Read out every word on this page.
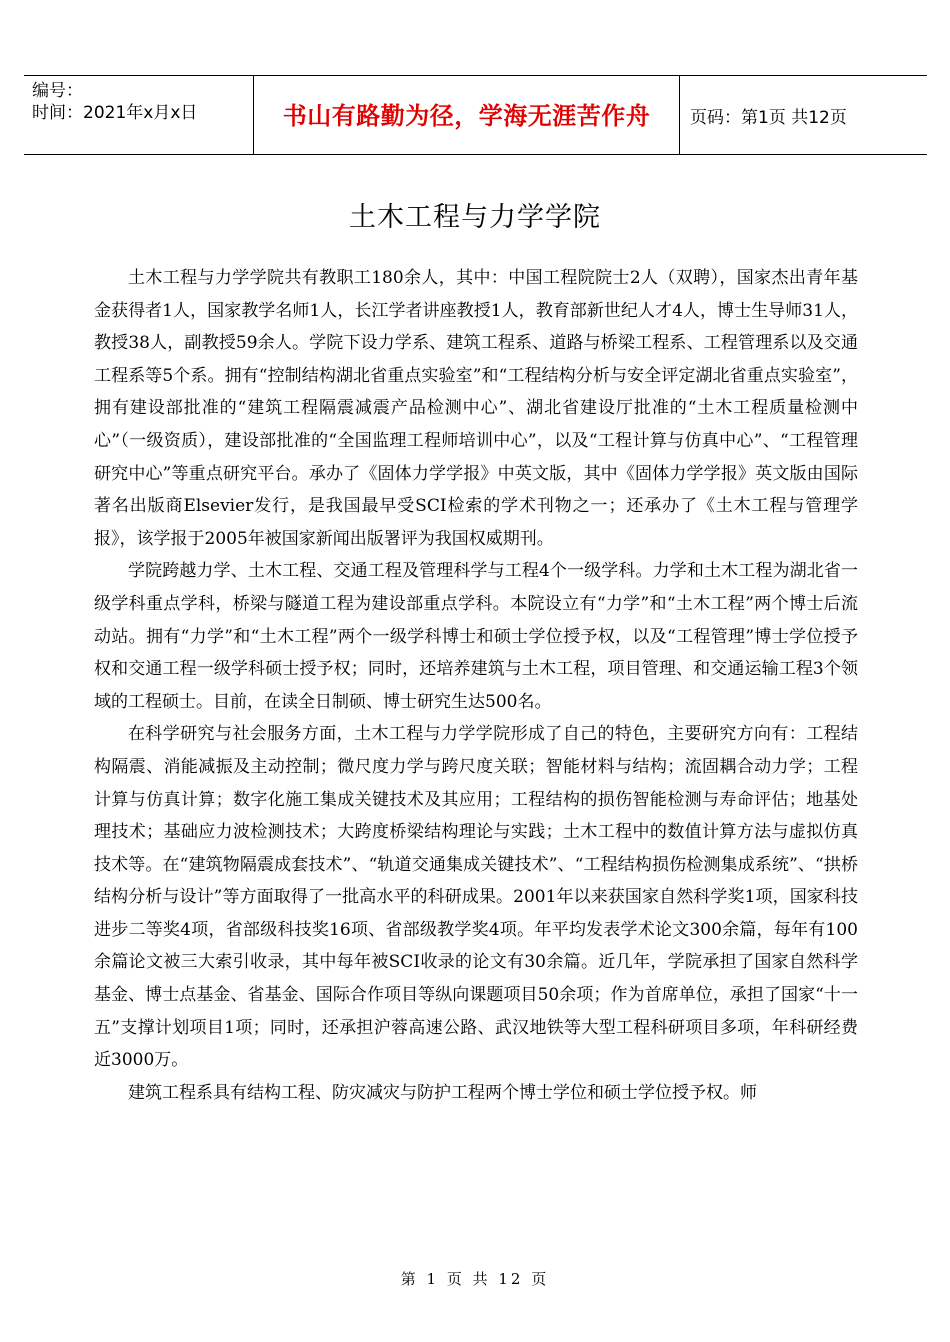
编号：
时间：2021年x月x日	书山有路勤为径，学海无涯苦作舟 页码：第1页 共12页
土木工程与力学学院

土木工程与力学学院共有教职工180余人，其中：中国工程院院士2人（双聘），国家杰出青年基金获得者1人，国家教学名师1人，长江学者讲座教授1人，教育部新世纪人才4人，博士生导师31人，教授38人，副教授59余人。学院下设力学系、建筑工程系、道路与桥梁工程系、工程管理系以及交通工程系等5个系。拥有“控制结构湖北省重点实验室”和“工程结构分析与安全评定湖北省重点实验室”，拥有建设部批准的“建筑工程隔震减震产品检测中心”、湖北省建设厅批准的“土木工程质量检测中心”（一级资质），建设部批准的“全国监理工程师培训中心”，以及“工程计算与仿真中心”、“工程管理研究中心”等重点研究平台。承办了《固体力学学报》中英文版，其中《固体力学学报》英文版由国际著名出版商Elsevier发行，是我国最早受SCI检索的学术刊物之一；还承办了《土木工程与管理学报》，该学报于2005年被国家新闻出版署评为我国权威期刊。

学院跨越力学、土木工程、交通工程及管理科学与工程4个一级学科。力学和土木工程为湖北省一级学科重点学科，桥梁与隧道工程为建设部重点学科。本院设立有“力学”和“土木工程”两个博士后流动站。拥有“力学”和“土木工程”两个一级学科博士和硕士学位授予权，以及“工程管理”博士学位授予权和交通工程一级学科硕士授予权；同时，还培养建筑与土木工程，项目管理、和交通运输工程3个领域的工程硕士。目前，在读全日制硕、博士研究生达500名。

在科学研究与社会服务方面，土木工程与力学学院形成了自己的特色，主要研究方向有：工程结构隔震、消能减振及主动控制；微尺度力学与跨尺度关联；智能材料与结构；流固耦合动力学；工程计算与仿真计算；数字化施工集成关键技术及其应用；工程结构的损伤智能检测与寿命评估；地基处理技术；基础应力波检测技术；大跨度桥梁结构理论与实践；土木工程中的数值计算方法与虚拟仿真技术等。在“建筑物隔震成套技术”、“轨道交通集成关键技术”、“工程结构损伤检测集成系统”、“拱桥结构分析与设计”等方面取得了一批高水平的科研成果。2001年以来获国家自然科学奖1项，国家科技进步二等奖4项，省部级科技奖16项、省部级教学奖4项。年平均发表学术论文300余篇，每年有100余篇论文被三大索引收录，其中每年被SCI收录的论文有30余篇。近几年，学院承担了国家自然科学基金、博士点基金、省基金、国际合作项目等纵向课题项目50余项；作为首席单位，承担了国家“十一五”支撑计划项目1项；同时，还承担沪蓉高速公路、武汉地铁等大型工程科研项目多项，年科研经费近3000万。

建筑工程系具有结构工程、防灾减灾与防护工程两个博士学位和硕士学位授予权。师

第 1 页 共 12 页
